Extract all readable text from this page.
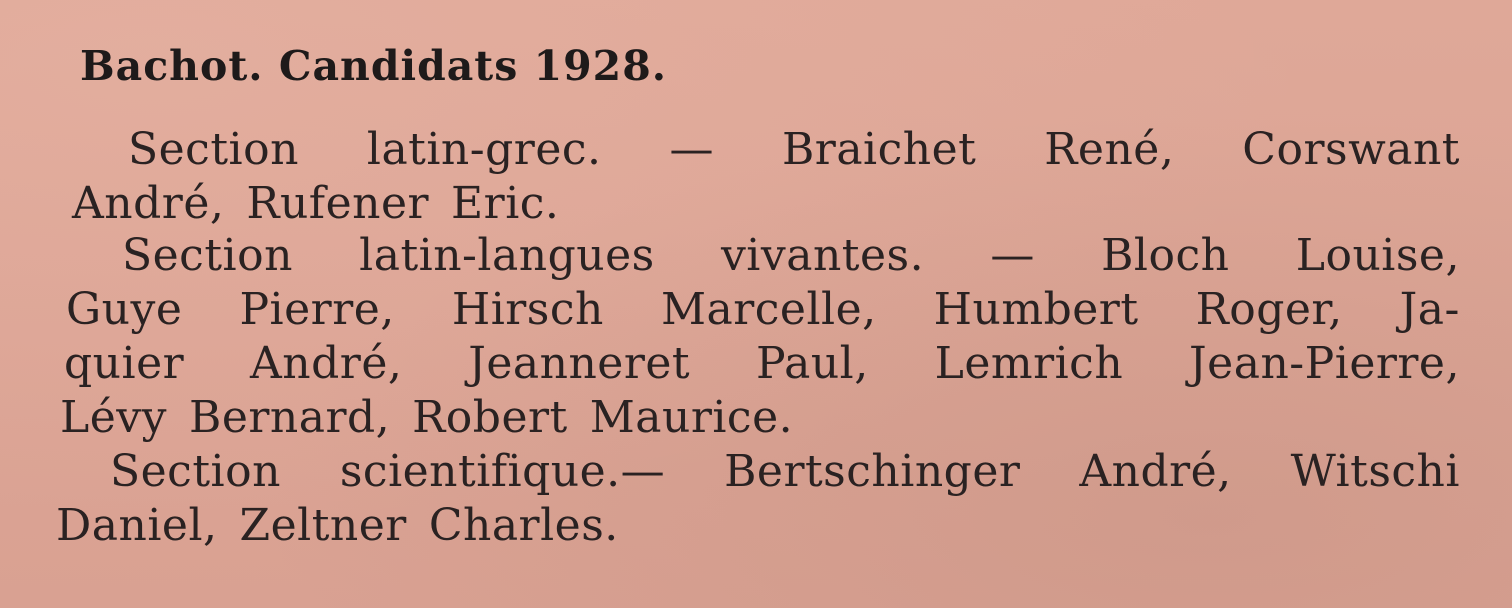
Bachot. Candidats 1928.
Section latin-grec. — Braichet René, Corswant
André, Rufener Eric.
Section latin-langues vivantes. — Bloch Louise,
Guye Pierre, Hirsch Marcelle, Humbert Roger, Ja-
quier André, Jeanneret Paul, Lemrich Jean-Pierre,
Lévy Bernard, Robert Maurice.
Section scientifique.— Bertschinger André, Witschi
Daniel, Zeltner Charles.
